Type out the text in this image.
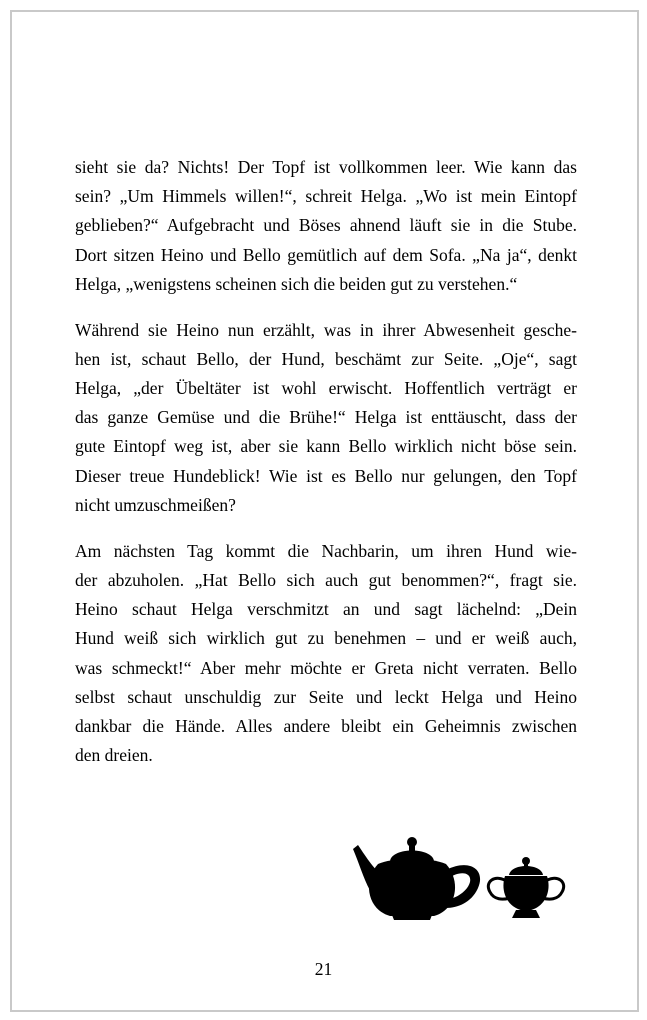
sieht sie da? Nichts! Der Topf ist vollkommen leer. Wie kann das
sein? „Um Himmels willen!“, schreit Helga. „Wo ist mein Eintopf
geblieben?“ Aufgebracht und Böses ahnend läuft sie in die Stube.
Dort sitzen Heino und Bello gemütlich auf dem Sofa. „Na ja“, denkt
Helga, „wenigstens scheinen sich die beiden gut zu verstehen.“

Während sie Heino nun erzählt, was in ihrer Abwesenheit gesche-
hen ist, schaut Bello, der Hund, beschämt zur Seite. „Oje“, sagt
Helga, „der Übeltäter ist wohl erwischt. Hoffentlich verträgt er
das ganze Gemüse und die Brühe!“ Helga ist enttäuscht, dass der
gute Eintopf weg ist, aber sie kann Bello wirklich nicht böse sein.
Dieser treue Hundeblick! Wie ist es Bello nur gelungen, den Topf
nicht umzuschmeißen?

Am nächsten Tag kommt die Nachbarin, um ihren Hund wie-
der abzuholen. „Hat Bello sich auch gut benommen?“, fragt sie.
Heino schaut Helga verschmitzt an und sagt lächelnd: „Dein
Hund weiß sich wirklich gut zu benehmen – und er weiß auch,
was schmeckt!“ Aber mehr möchte er Greta nicht verraten. Bello
selbst schaut unschuldig zur Seite und leckt Helga und Heino
dankbar die Hände. Alles andere bleibt ein Geheimnis zwischen
den dreien.

21
